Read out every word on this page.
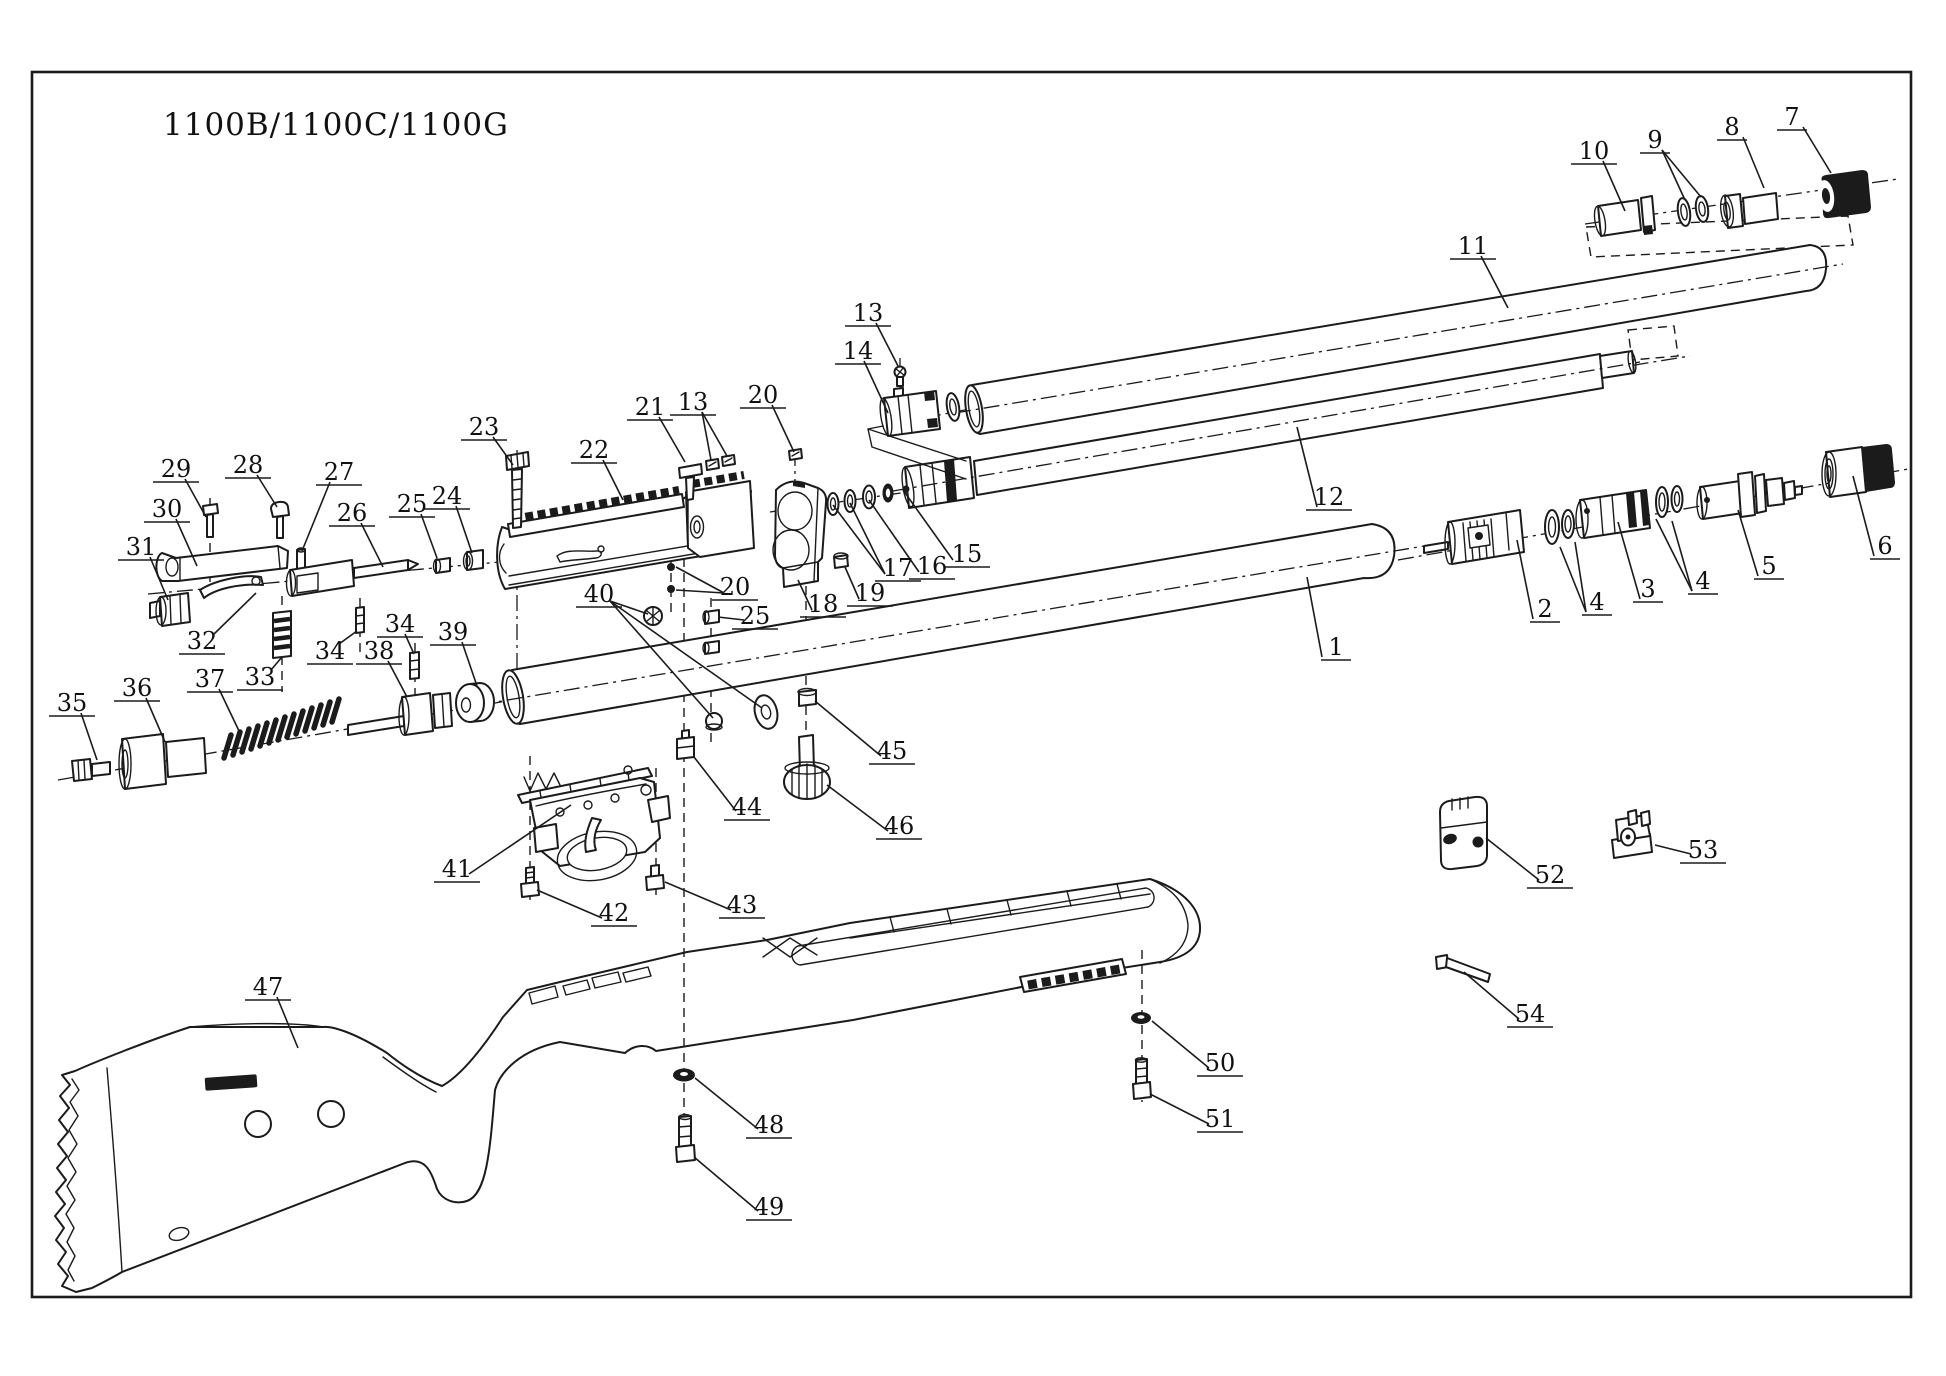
1100B/1100C/1100G
1
2
3
4
4
5
6
7
8
9
10
11
12
13
13
14
15
16
17
18 19
20
20
21
22
23
24
25
25
26
27
28
29
30
31
32
33
34
34
35
36 37
38
39
40
41
42	43
44
45
46
47
48
49
50
51
52
53
54
